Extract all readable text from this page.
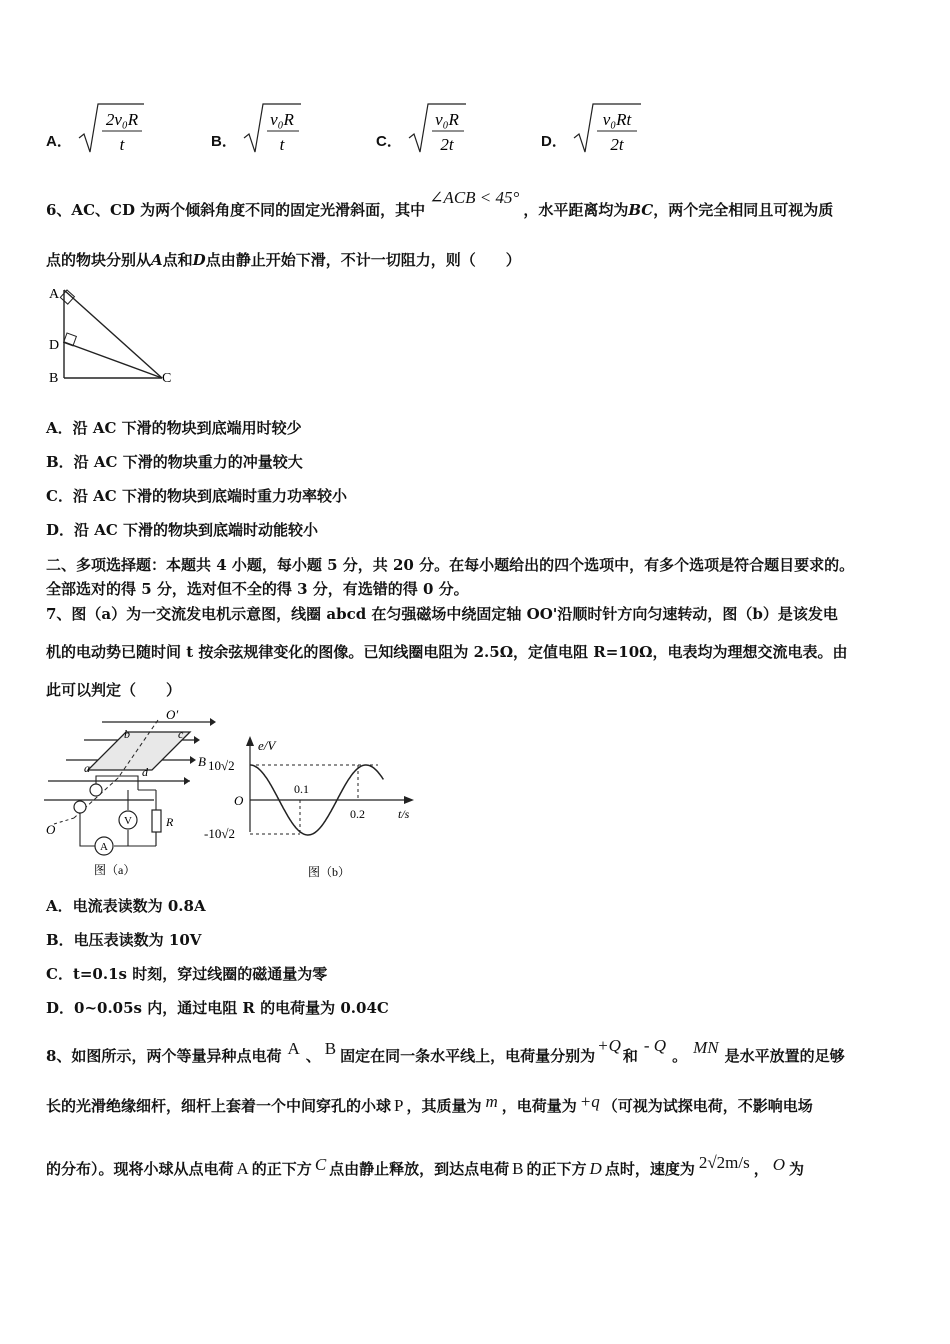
A．
2v₀R
t	B．
v₀R
t	C．
v₀R
2t	D．
v₀Rt
2t
6、AC、CD 为两个倾斜角度不同的固定光滑斜面，其中∠ACB < 45°，水平距离均为BC，两个完全相同且可视为质
点的物块分别从A点和D点由静止开始下滑，不计一切阻力，则（　　）
A
D
B	C
A．沿 AC 下滑的物块到底端用时较少
B．沿 AC 下滑的物块重力的冲量较大
C．沿 AC 下滑的物块到底端时重力功率较小
D．沿 AC 下滑的物块到底端时动能较小
二、多项选择题：本题共 4 小题，每小题 5 分，共 20 分。在每小题给出的四个选项中，有多个选项是符合题目要求的。
全部选对的得 5 分，选对但不全的得 3 分，有选错的得 0 分。
7、图（a）为一交流发电机示意图，线圈 abcd 在匀强磁场中绕固定轴 OO'沿顺时针方向匀速转动，图（b）是该发电
机的电动势已随时间 t 按余弦规律变化的图像。已知线圈电阻为 2.5Ω，定值电阻 R=10Ω，电表均为理想交流电表。由
此可以判定（　　）
O′
b	c
a	d
B
O
V	R
A
图（a）
e/V
10√2
-10√2
O
0.1
0.2	t/s
图（b）
A．电流表读数为 0.8A
B．电压表读数为 10V
C．t=0.1s 时刻，穿过线圈的磁通量为零
D．0~0.05s 内，通过电阻 R 的电荷量为 0.04C
8、如图所示，两个等量异种点电荷 A 、 B 固定在同一条水平线上，电荷量分别为+Q和- Q。 MN 是水平放置的足够
长的光滑绝缘细杆，细杆上套着一个中间穿孔的小球 P ，其质量为 m ，电荷量为 +q （可视为试探电荷，不影响电场
的分布）。现将小球从点电荷 A 的正下方 C 点由静止释放，到达点电荷 B 的正下方 D 点时，速度为 2√2m/s ， O 为
